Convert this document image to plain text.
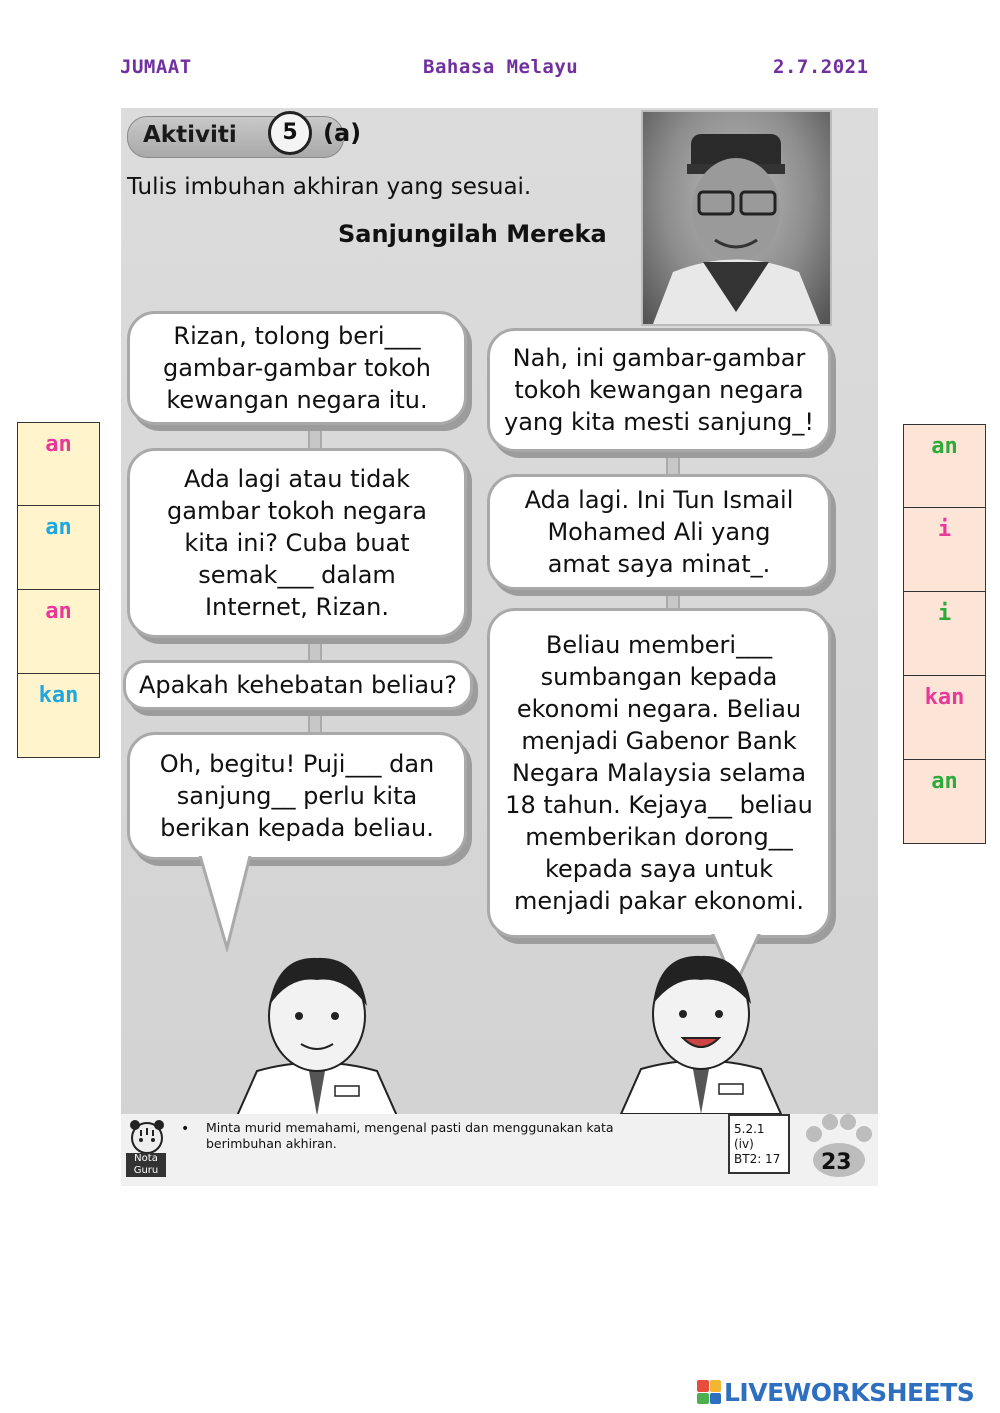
JUMAAT	Bahasa Melayu	2.7.2021
Aktiviti	5	(a)
Tulis imbuhan akhiran yang sesuai.
Sanjungilah Mereka
Rizan, tolong beri___
gambar-gambar tokoh
kewangan negara itu.
Ada lagi atau tidak
gambar tokoh negara
kita ini? Cuba buat
semak___ dalam
Internet, Rizan.
Apakah kehebatan beliau?
Oh, begitu! Puji___ dan
sanjung__ perlu kita
berikan kepada beliau.
Nah, ini gambar-gambar
tokoh kewangan negara
yang kita mesti sanjung_!
Ada lagi. Ini Tun Ismail
Mohamed Ali yang
amat saya minat_.
Beliau memberi___
sumbangan kepada
ekonomi negara. Beliau
menjadi Gabenor Bank
Negara Malaysia selama
18 tahun. Kejaya__ beliau
memberikan dorong__
kepada saya untuk
menjadi pakar ekonomi.
Nota
Guru
• Minta murid memahami, mengenal pasti dan menggunakan kata berimbuhan akhiran.
5.2.1 (iv)
BT2: 17	23
an
an
an
kan
an
i
i
kan
an
LIVEWORKSHEETS
